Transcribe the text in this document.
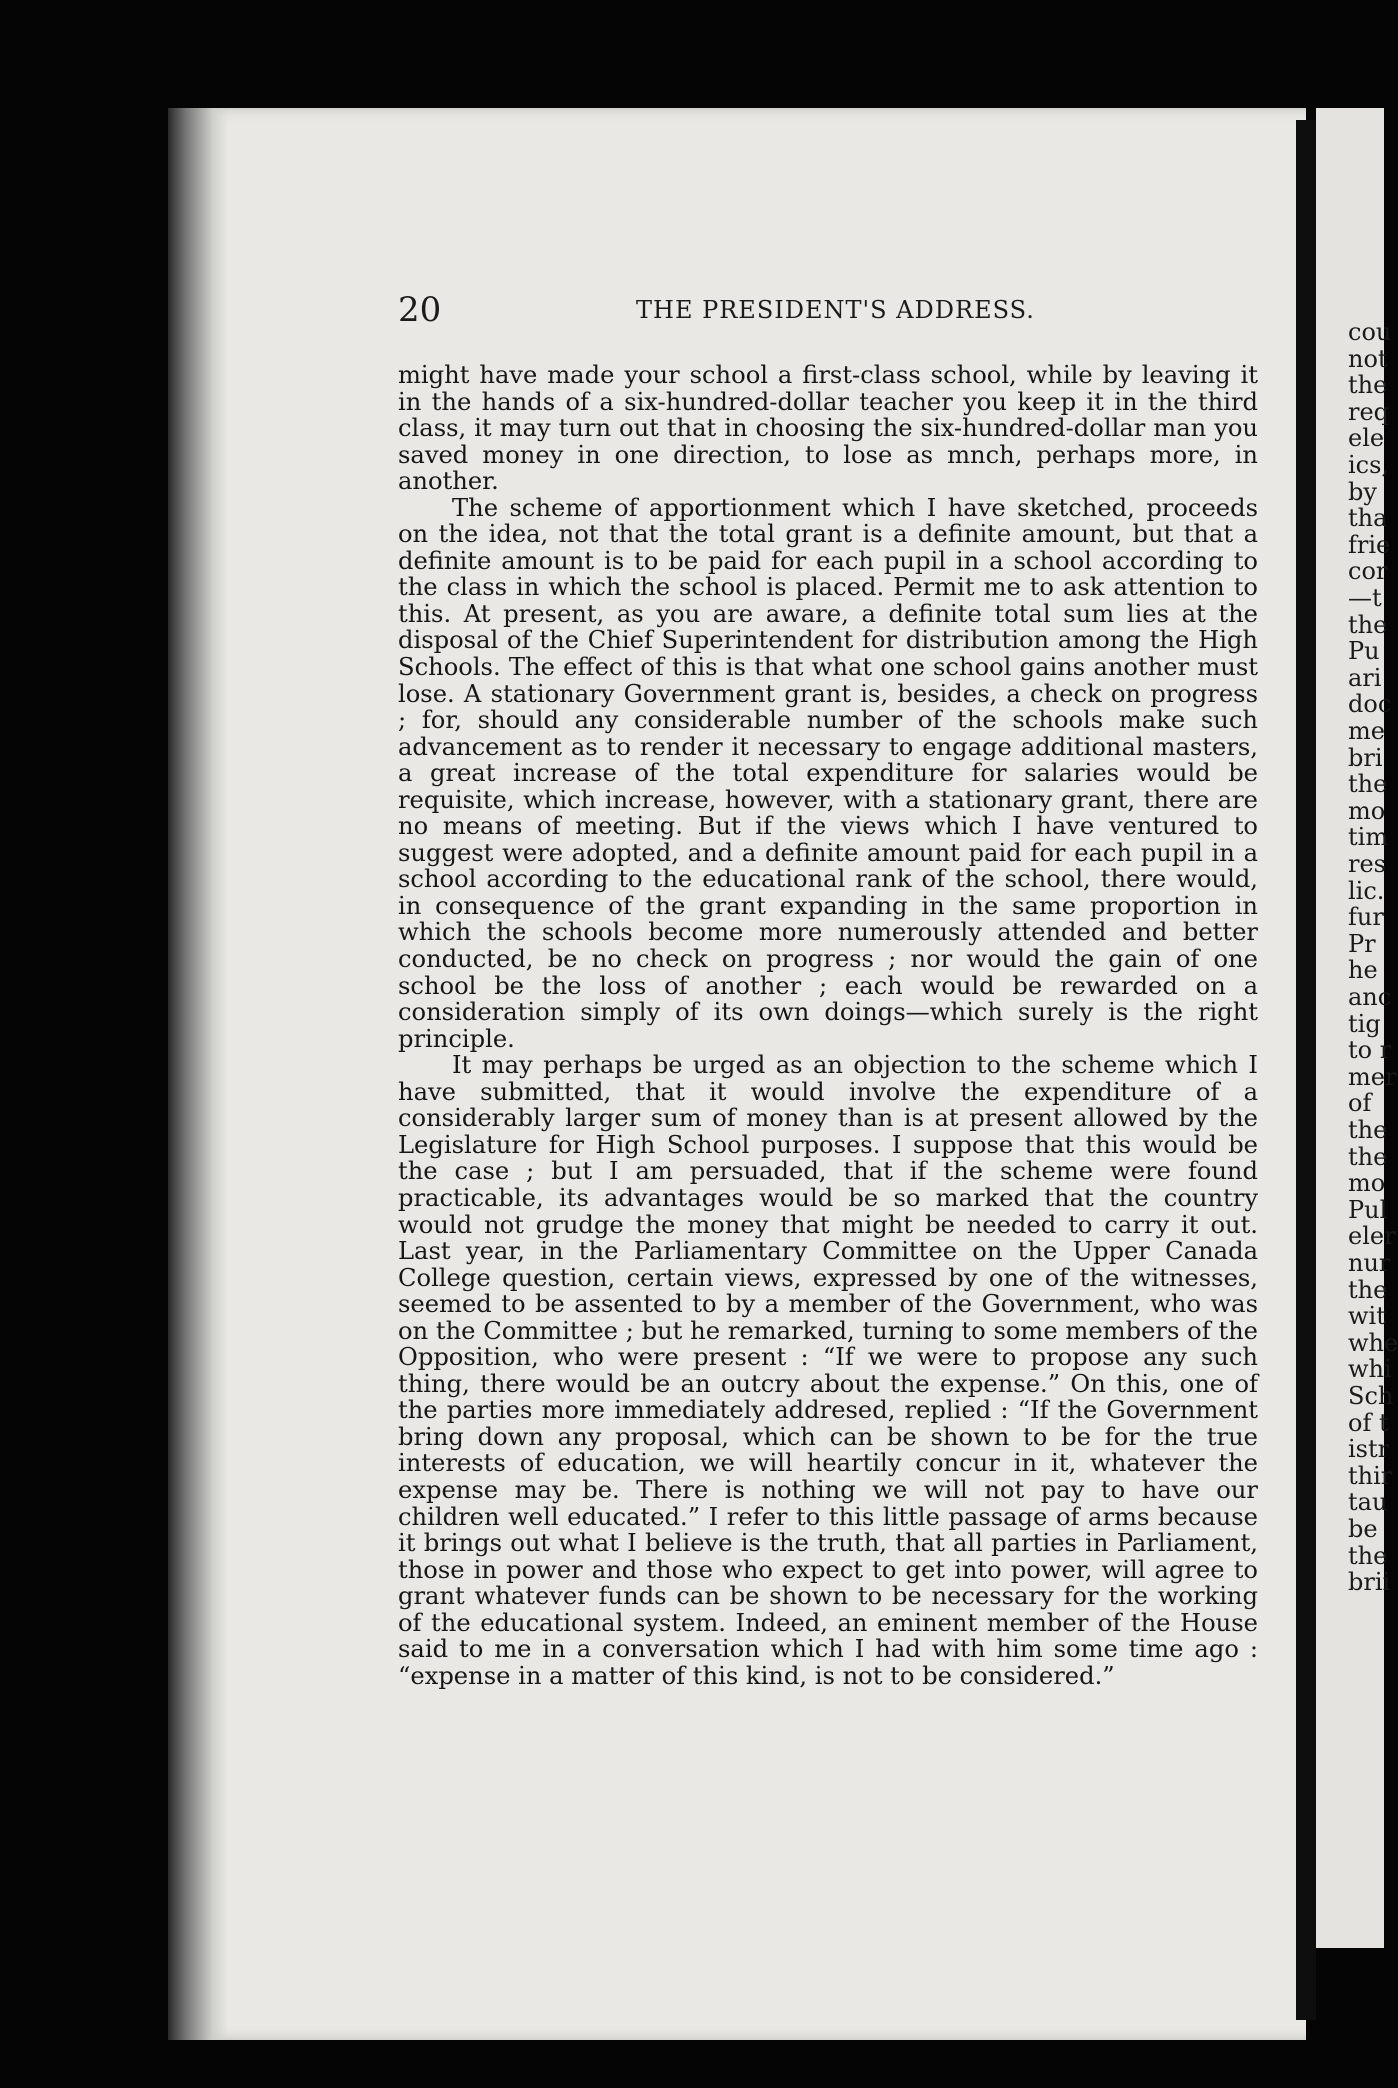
cou
not
the
req
ele
ics,
by
tha
frie
cor
—t
the
Pu
ari
doc
me
bri
the
mo
tim
res
lic.
fur
Pr
he
anc
tig
to r
mer
of
the
the
mo
Pul
eler
nur
the
wit
whe
whi
Sch
of t
istr
thir
tau
be
the
brii
20	THE PRESIDENT'S ADDRESS.

might have made your school a first-class school, while by leaving it in the hands of a six-hundred-dollar teacher you keep it in the third class, it may turn out that in choosing the six-hundred-dollar man you saved money in one direction, to lose as mnch, perhaps more, in another.

The scheme of apportionment which I have sketched, proceeds on the idea, not that the total grant is a definite amount, but that a definite amount is to be paid for each pupil in a school according to the class in which the school is placed. Permit me to ask attention to this. At present, as you are aware, a definite total sum lies at the disposal of the Chief Superintendent for distribution among the High Schools. The effect of this is that what one school gains another must lose. A stationary Government grant is, besides, a check on progress ; for, should any considerable number of the schools make such advancement as to render it necessary to engage additional masters, a great increase of the total expenditure for salaries would be requisite, which increase, however, with a stationary grant, there are no means of meeting. But if the views which I have ventured to suggest were adopted, and a definite amount paid for each pupil in a school according to the educational rank of the school, there would, in consequence of the grant expanding in the same proportion in which the schools become more numerously attended and better conducted, be no check on progress ; nor would the gain of one school be the loss of another ; each would be rewarded on a consideration simply of its own doings—which surely is the right principle.

It may perhaps be urged as an objection to the scheme which I have submitted, that it would involve the expenditure of a considerably larger sum of money than is at present allowed by the Legislature for High School purposes. I suppose that this would be the case ; but I am persuaded, that if the scheme were found practicable, its advantages would be so marked that the country would not grudge the money that might be needed to carry it out. Last year, in the Parliamentary Committee on the Upper Canada College question, certain views, expressed by one of the witnesses, seemed to be assented to by a member of the Government, who was on the Committee ; but he remarked, turning to some members of the Opposition, who were present : “If we were to propose any such thing, there would be an outcry about the expense.” On this, one of the parties more immediately addresed, replied : “If the Government bring down any proposal, which can be shown to be for the true interests of education, we will heartily concur in it, whatever the expense may be. There is nothing we will not pay to have our children well educated.” I refer to this little passage of arms because it brings out what I believe is the truth, that all parties in Parliament, those in power and those who expect to get into power, will agree to grant whatever funds can be shown to be necessary for the working of the educational system. Indeed, an eminent member of the House said to me in a conversation which I had with him some time ago : “expense in a matter of this kind, is not to be considered.”
